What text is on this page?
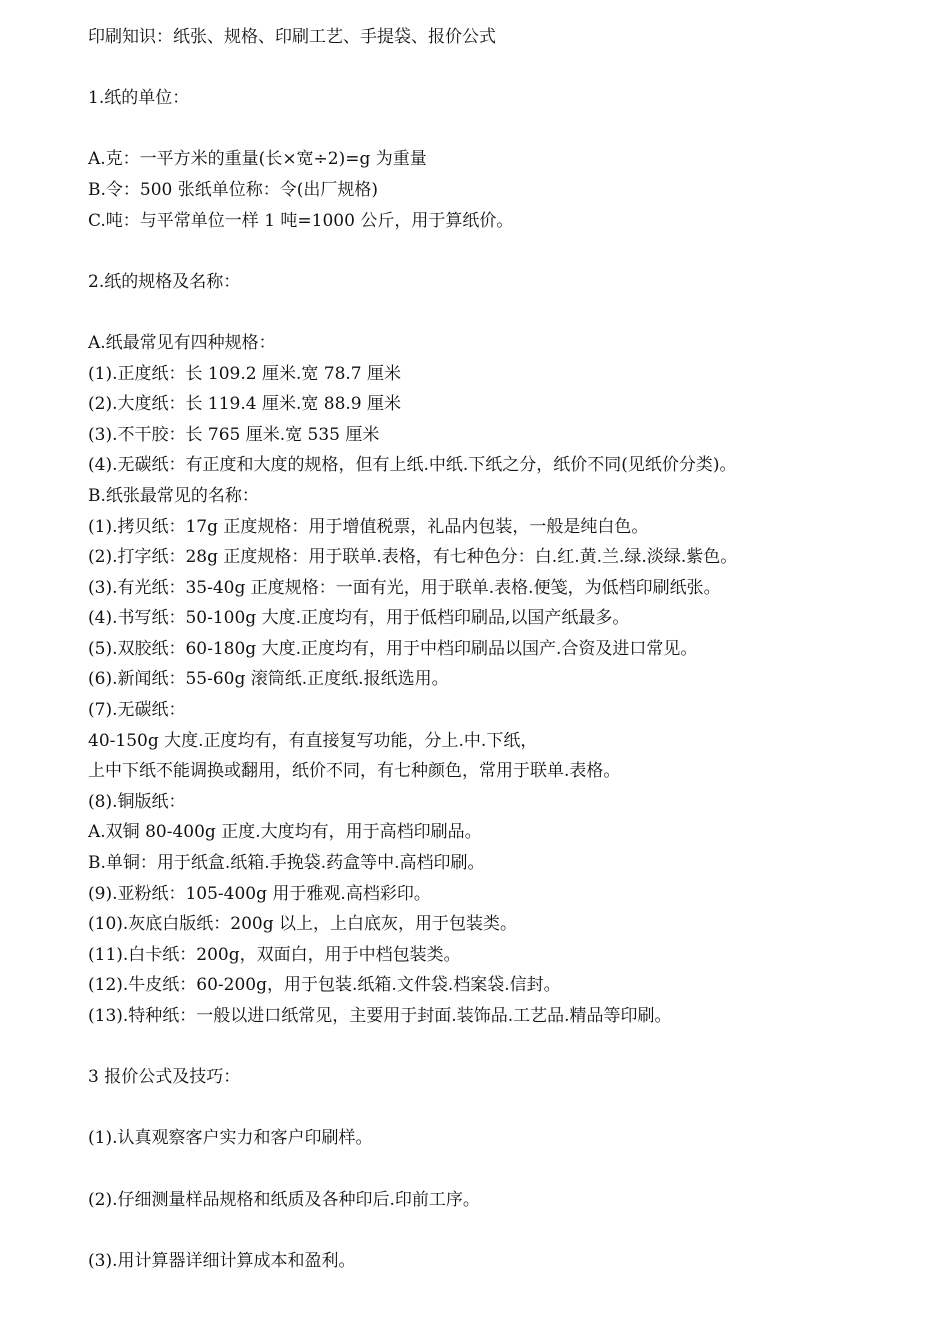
印刷知识：纸张、规格、印刷工艺、手提袋、报价公式
1.纸的单位：
A.克：一平方米的重量(长×宽÷2)=g 为重量
B.令：500 张纸单位称：令(出厂规格)
C.吨：与平常单位一样 1 吨=1000 公斤，用于算纸价。
2.纸的规格及名称：
A.纸最常见有四种规格：
(1).正度纸：长 109.2 厘米.宽 78.7 厘米
(2).大度纸：长 119.4 厘米.宽 88.9 厘米
(3).不干胶：长 765 厘米.宽 535 厘米
(4).无碳纸：有正度和大度的规格，但有上纸.中纸.下纸之分，纸价不同(见纸价分类)。
B.纸张最常见的名称：
(1).拷贝纸：17g 正度规格：用于增值税票，礼品内包装，一般是纯白色。
(2).打字纸：28g 正度规格：用于联单.表格，有七种色分：白.红.黄.兰.绿.淡绿.紫色。
(3).有光纸：35-40g 正度规格：一面有光，用于联单.表格.便笺，为低档印刷纸张。
(4).书写纸：50-100g 大度.正度均有，用于低档印刷品,以国产纸最多。
(5).双胶纸：60-180g 大度.正度均有，用于中档印刷品以国产.合资及进口常见。
(6).新闻纸：55-60g 滚筒纸.正度纸.报纸选用。
(7).无碳纸：
40-150g 大度.正度均有，有直接复写功能，分上.中.下纸，
上中下纸不能调换或翻用，纸价不同，有七种颜色，常用于联单.表格。
(8).铜版纸：
A.双铜 80-400g 正度.大度均有，用于高档印刷品。
B.单铜：用于纸盒.纸箱.手挽袋.药盒等中.高档印刷。
(9).亚粉纸：105-400g 用于雅观.高档彩印。
(10).灰底白版纸：200g 以上，上白底灰，用于包装类。
(11).白卡纸：200g，双面白，用于中档包装类。
(12).牛皮纸：60-200g，用于包装.纸箱.文件袋.档案袋.信封。
(13).特种纸：一般以进口纸常见，主要用于封面.装饰品.工艺品.精品等印刷。
3 报价公式及技巧：
(1).认真观察客户实力和客户印刷样。
(2).仔细测量样品规格和纸质及各种印后.印前工序。
(3).用计算器详细计算成本和盈利。
